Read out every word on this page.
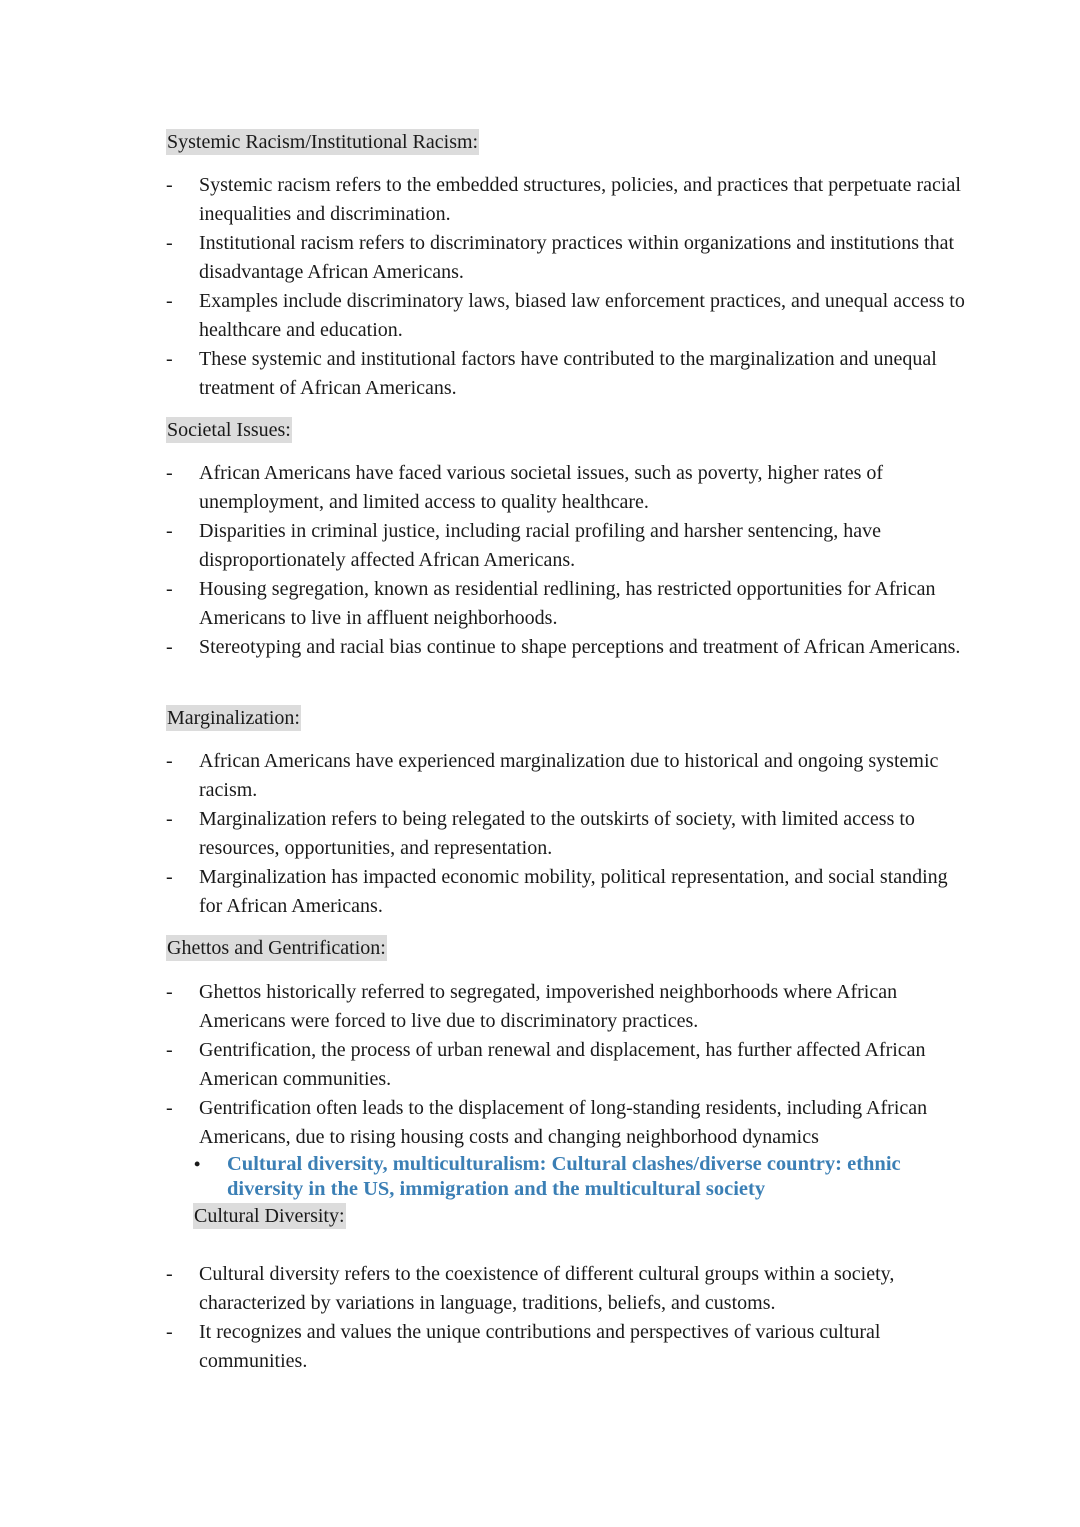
Systemic Racism/Institutional Racism:
- Systemic racism refers to the embedded structures, policies, and practices that perpetuate racial inequalities and discrimination.
- Institutional racism refers to discriminatory practices within organizations and institutions that disadvantage African Americans.
- Examples include discriminatory laws, biased law enforcement practices, and unequal access to healthcare and education.
- These systemic and institutional factors have contributed to the marginalization and unequal treatment of African Americans.
Societal Issues:
- African Americans have faced various societal issues, such as poverty, higher rates of unemployment, and limited access to quality healthcare.
- Disparities in criminal justice, including racial profiling and harsher sentencing, have disproportionately affected African Americans.
- Housing segregation, known as residential redlining, has restricted opportunities for African Americans to live in affluent neighborhoods.
- Stereotyping and racial bias continue to shape perceptions and treatment of African Americans.
Marginalization:
- African Americans have experienced marginalization due to historical and ongoing systemic racism.
- Marginalization refers to being relegated to the outskirts of society, with limited access to resources, opportunities, and representation.
- Marginalization has impacted economic mobility, political representation, and social standing for African Americans.
Ghettos and Gentrification:
- Ghettos historically referred to segregated, impoverished neighborhoods where African Americans were forced to live due to discriminatory practices.
- Gentrification, the process of urban renewal and displacement, has further affected African American communities.
- Gentrification often leads to the displacement of long-standing residents, including African Americans, due to rising housing costs and changing neighborhood dynamics
•	Cultural diversity, multiculturalism: Cultural clashes/diverse country: ethnic diversity in the US, immigration and the multicultural society
Cultural Diversity:
- Cultural diversity refers to the coexistence of different cultural groups within a society, characterized by variations in language, traditions, beliefs, and customs.
- It recognizes and values the unique contributions and perspectives of various cultural communities.
